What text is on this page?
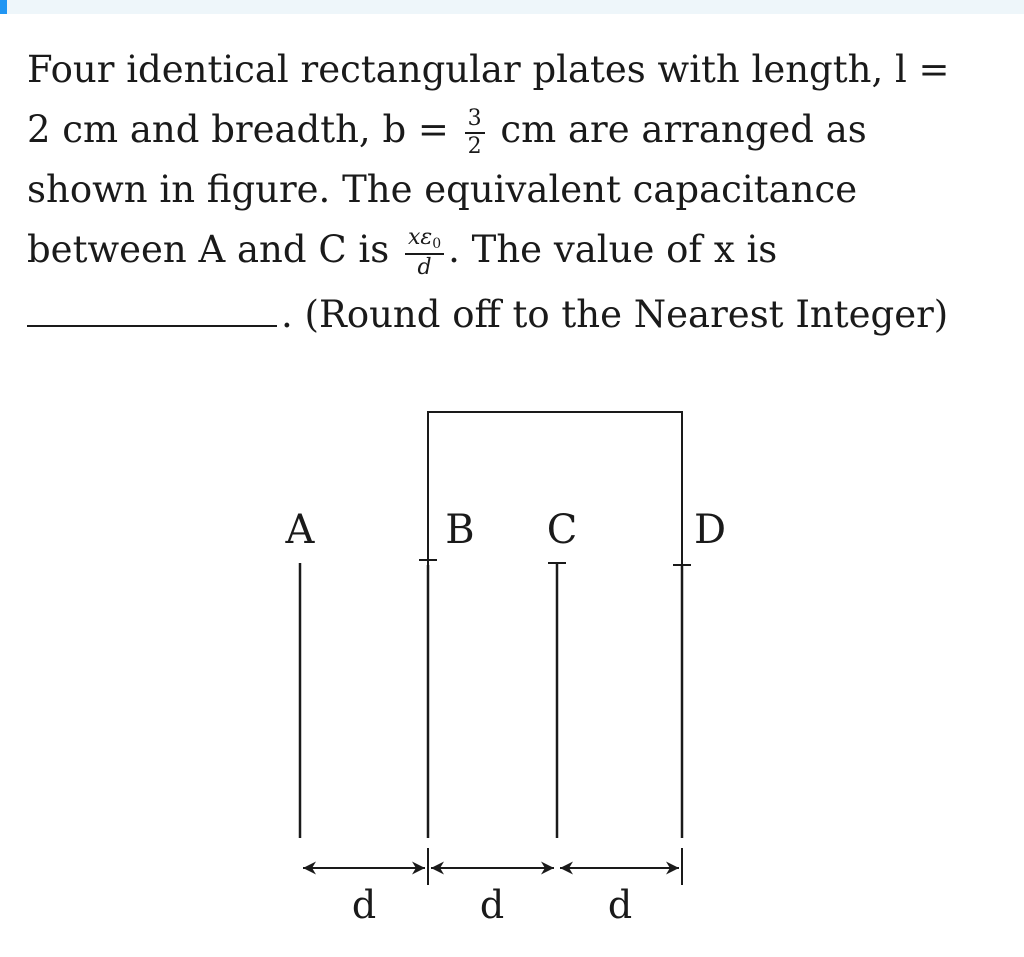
Four identical rectangular plates with length, l =
2 cm and breadth, $b = \frac{3}{2}$ cm are arranged as
shown in figure. The equivalent capacitance
between A and C is $\frac{x\varepsilon_0}{d}$ . The value of x is
. (Round off to the Nearest Integer)
A	B C	D
d	d	d
